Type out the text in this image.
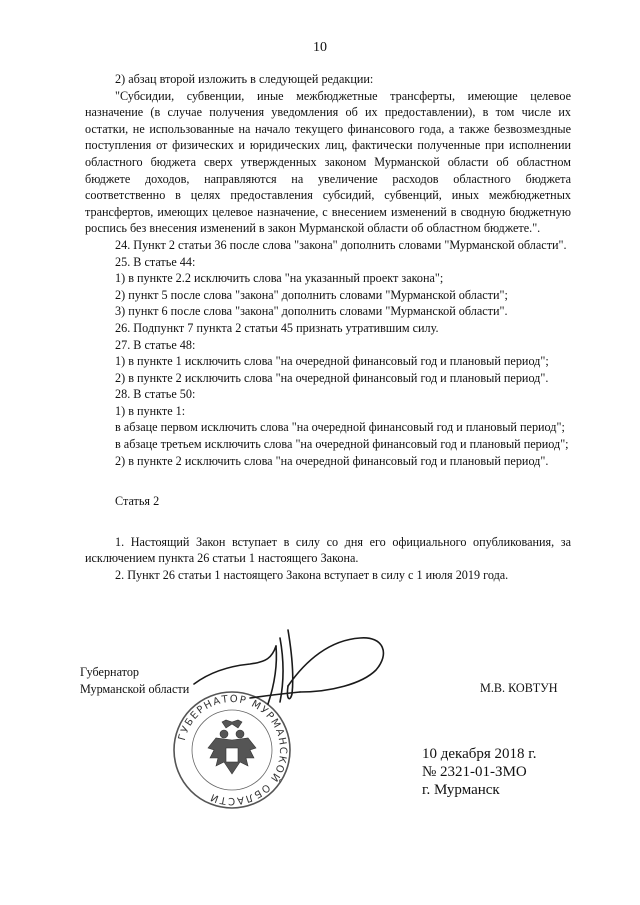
10

2) абзац второй изложить в следующей редакции:

"Субсидии, субвенции, иные межбюджетные трансферты, имеющие целевое назначение (в случае получения уведомления об их предоставлении), в том числе их остатки, не использованные на начало текущего финансового года, а также безвозмездные поступления от физических и юридических лиц, фактически полученные при исполнении областного бюджета сверх утвержденных законом Мурманской области об областном бюджете доходов, направляются на увеличение расходов областного бюджета соответственно в целях предоставления субсидий, субвенций, иных межбюджетных трансфертов, имеющих целевое назначение, с внесением изменений в сводную бюджетную роспись без внесения изменений в закон Мурманской области об областном бюджете.".

24. Пункт 2 статьи 36 после слова "закона" дополнить словами "Мурманской области".

25. В статье 44:

1) в пункте 2.2 исключить слова "на указанный проект закона";

2) пункт 5 после слова "закона" дополнить словами "Мурманской области";

3) пункт 6 после слова "закона" дополнить словами "Мурманской области".

26. Подпункт 7 пункта 2 статьи 45 признать утратившим силу.

27. В статье 48:

1) в пункте 1 исключить слова "на очередной финансовый год и плановый период";

2) в пункте 2 исключить слова "на очередной финансовый год и плановый период".

28. В статье 50:

1) в пункте 1:

в абзаце первом исключить слова "на очередной финансовый год и плановый период";

в абзаце третьем исключить слова "на очередной финансовый год и плановый период";

2) в пункте 2 исключить слова "на очередной финансовый год и плановый период".

Статья 2

1. Настоящий Закон вступает в силу со дня его официального опубликования, за исключением пункта 26 статьи 1 настоящего Закона.

2. Пункт 26 статьи 1 настоящего Закона вступает в силу с 1 июля 2019 года.

Губернатор
Мурманской области	М.В. КОВТУН
ГУБЕРНАТОР МУРМАНСКОЙ ОБЛАСТИ
10 декабря 2018 г.
№ 2321-01-ЗМО
г. Мурманск
